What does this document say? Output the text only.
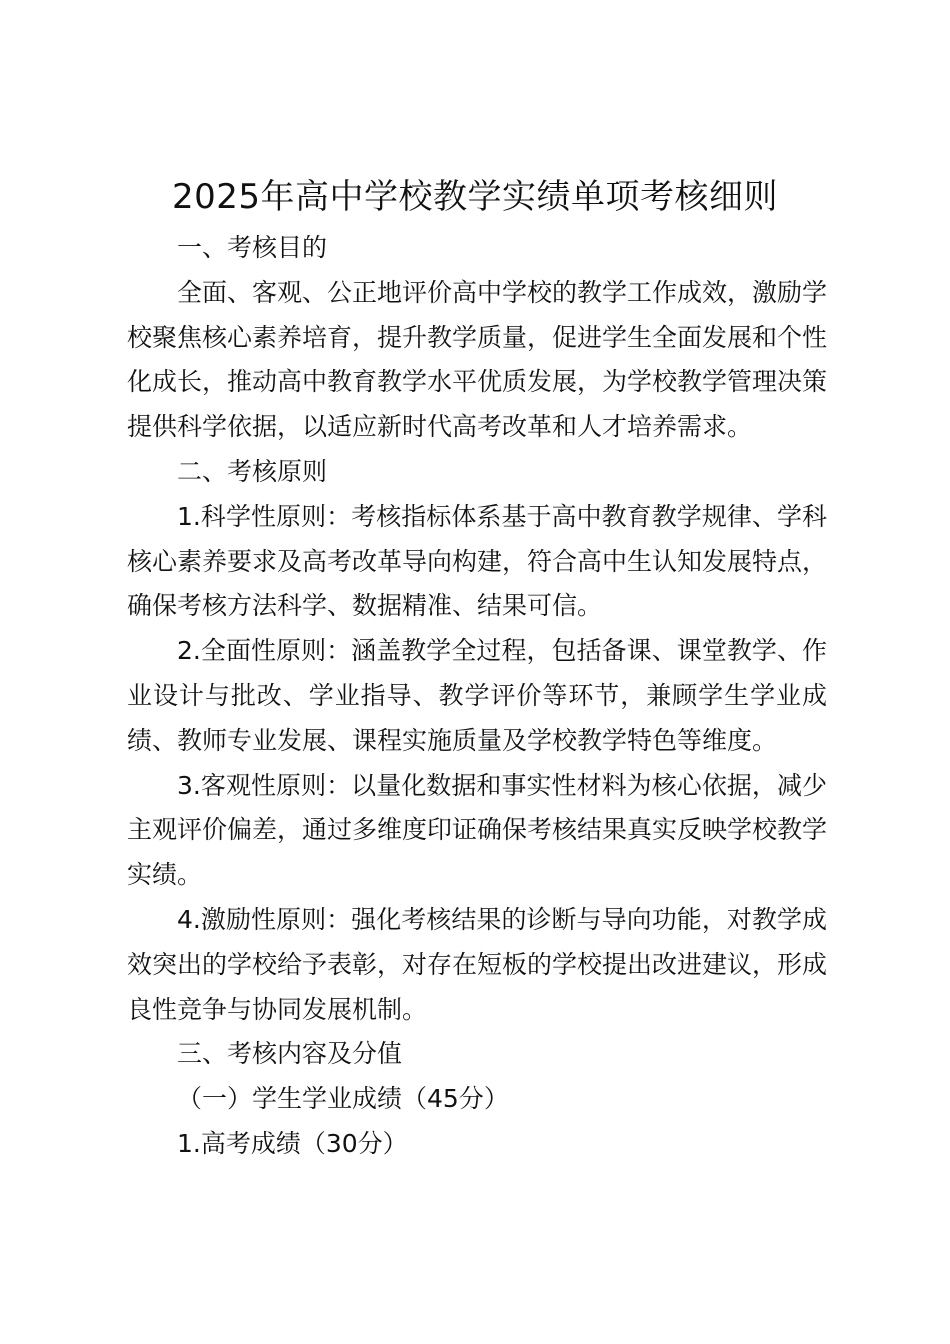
2025年高中学校教学实绩单项考核细则

一、考核目的

全面、客观、公正地评价高中学校的教学工作成效，激励学校聚焦核心素养培育，提升教学质量，促进学生全面发展和个性化成长，推动高中教育教学水平优质发展，为学校教学管理决策提供科学依据，以适应新时代高考改革和人才培养需求。

二、考核原则

1.科学性原则：考核指标体系基于高中教育教学规律、学科核心素养要求及高考改革导向构建，符合高中生认知发展特点，确保考核方法科学、数据精准、结果可信。

2.全面性原则：涵盖教学全过程，包括备课、课堂教学、作业设计与批改、学业指导、教学评价等环节，兼顾学生学业成绩、教师专业发展、课程实施质量及学校教学特色等维度。

3.客观性原则：以量化数据和事实性材料为核心依据，减少主观评价偏差，通过多维度印证确保考核结果真实反映学校教学实绩。

4.激励性原则：强化考核结果的诊断与导向功能，对教学成效突出的学校给予表彰，对存在短板的学校提出改进建议，形成良性竞争与协同发展机制。

三、考核内容及分值

（一）学生学业成绩（45分）

1.高考成绩（30分）
